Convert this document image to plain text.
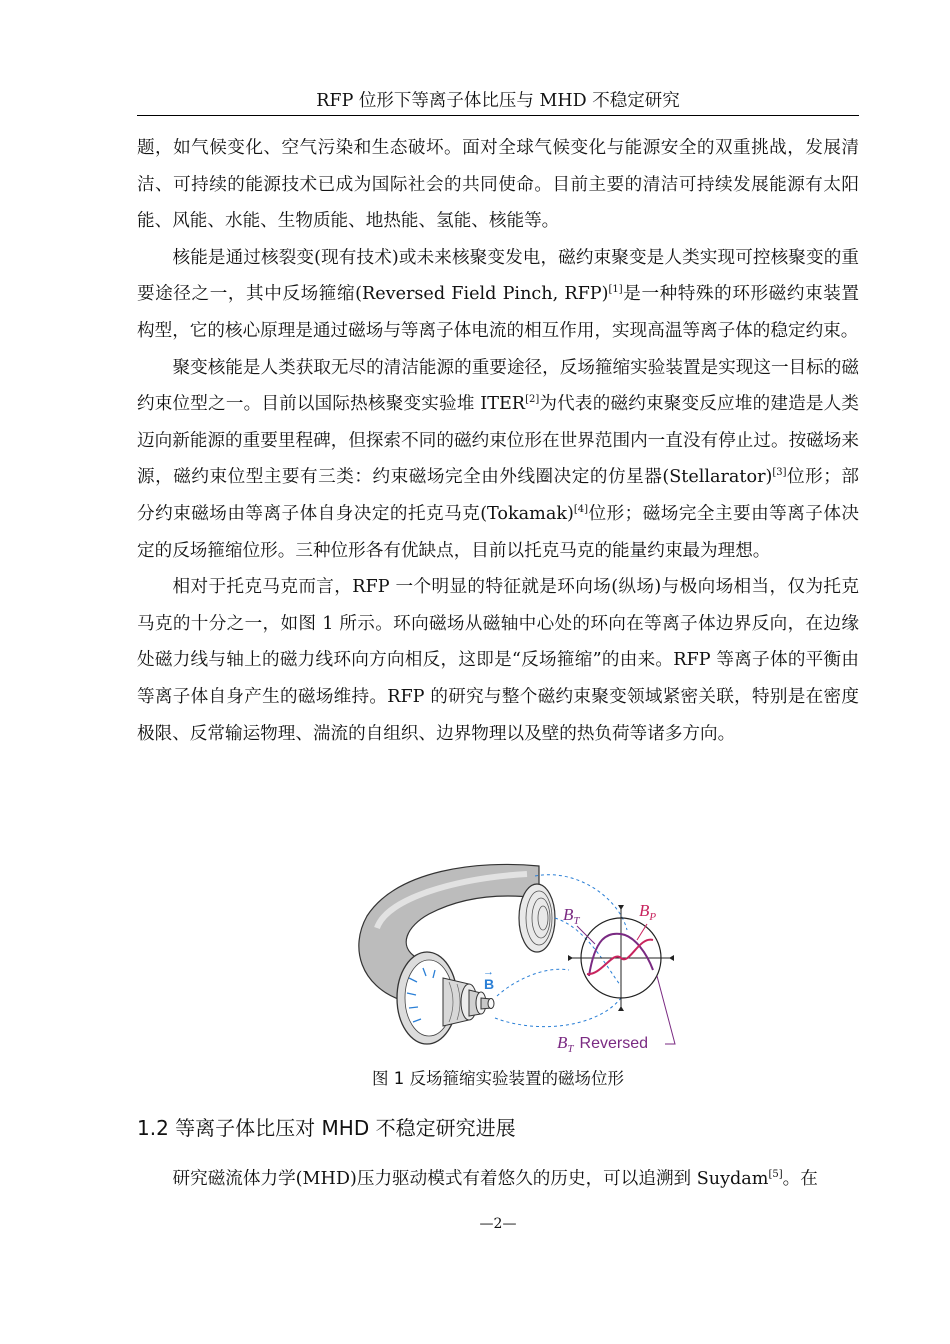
RFP 位形下等离子体比压与 MHD 不稳定研究

题，如气候变化、空气污染和生态破坏。面对全球气候变化与能源安全的双重挑战，发展清洁、可持续的能源技术已成为国际社会的共同使命。目前主要的清洁可持续发展能源有太阳能、风能、水能、生物质能、地热能、氢能、核能等。

核能是通过核裂变(现有技术)或未来核聚变发电，磁约束聚变是人类实现可控核聚变的重要途径之一，其中反场箍缩(Reversed Field Pinch, RFP)[1]是一种特殊的环形磁约束装置构型，它的核心原理是通过磁场与等离子体电流的相互作用，实现高温等离子体的稳定约束。

聚变核能是人类获取无尽的清洁能源的重要途径，反场箍缩实验装置是实现这一目标的磁约束位型之一。目前以国际热核聚变实验堆 ITER[2]为代表的磁约束聚变反应堆的建造是人类迈向新能源的重要里程碑，但探索不同的磁约束位形在世界范围内一直没有停止过。按磁场来源，磁约束位型主要有三类：约束磁场完全由外线圈决定的仿星器(Stellarator)[3]位形；部分约束磁场由等离子体自身决定的托克马克(Tokamak)[4]位形；磁场完全主要由等离子体决定的反场箍缩位形。三种位形各有优缺点，目前以托克马克的能量约束最为理想。

相对于托克马克而言，RFP 一个明显的特征就是环向场(纵场)与极向场相当，仅为托克马克的十分之一，如图 1 所示。环向磁场从磁轴中心处的环向在等离子体边界反向，在边缘处磁力线与轴上的磁力线环向方向相反，这即是“反场箍缩”的由来。RFP 等离子体的平衡由等离子体自身产生的磁场维持。RFP 的研究与整个磁约束聚变领域紧密关联，特别是在密度极限、反常输运物理、湍流的自组织、边界物理以及壁的热负荷等诸多方向。

→
B
$B_T$
$B_P$
$B_T$ Reversed
图 1 反场箍缩实验装置的磁场位形
1.2 等离子体比压对 MHD 不稳定研究进展
研究磁流体力学(MHD)压力驱动模式有着悠久的历史，可以追溯到 Suydam[5]。在
—2—
